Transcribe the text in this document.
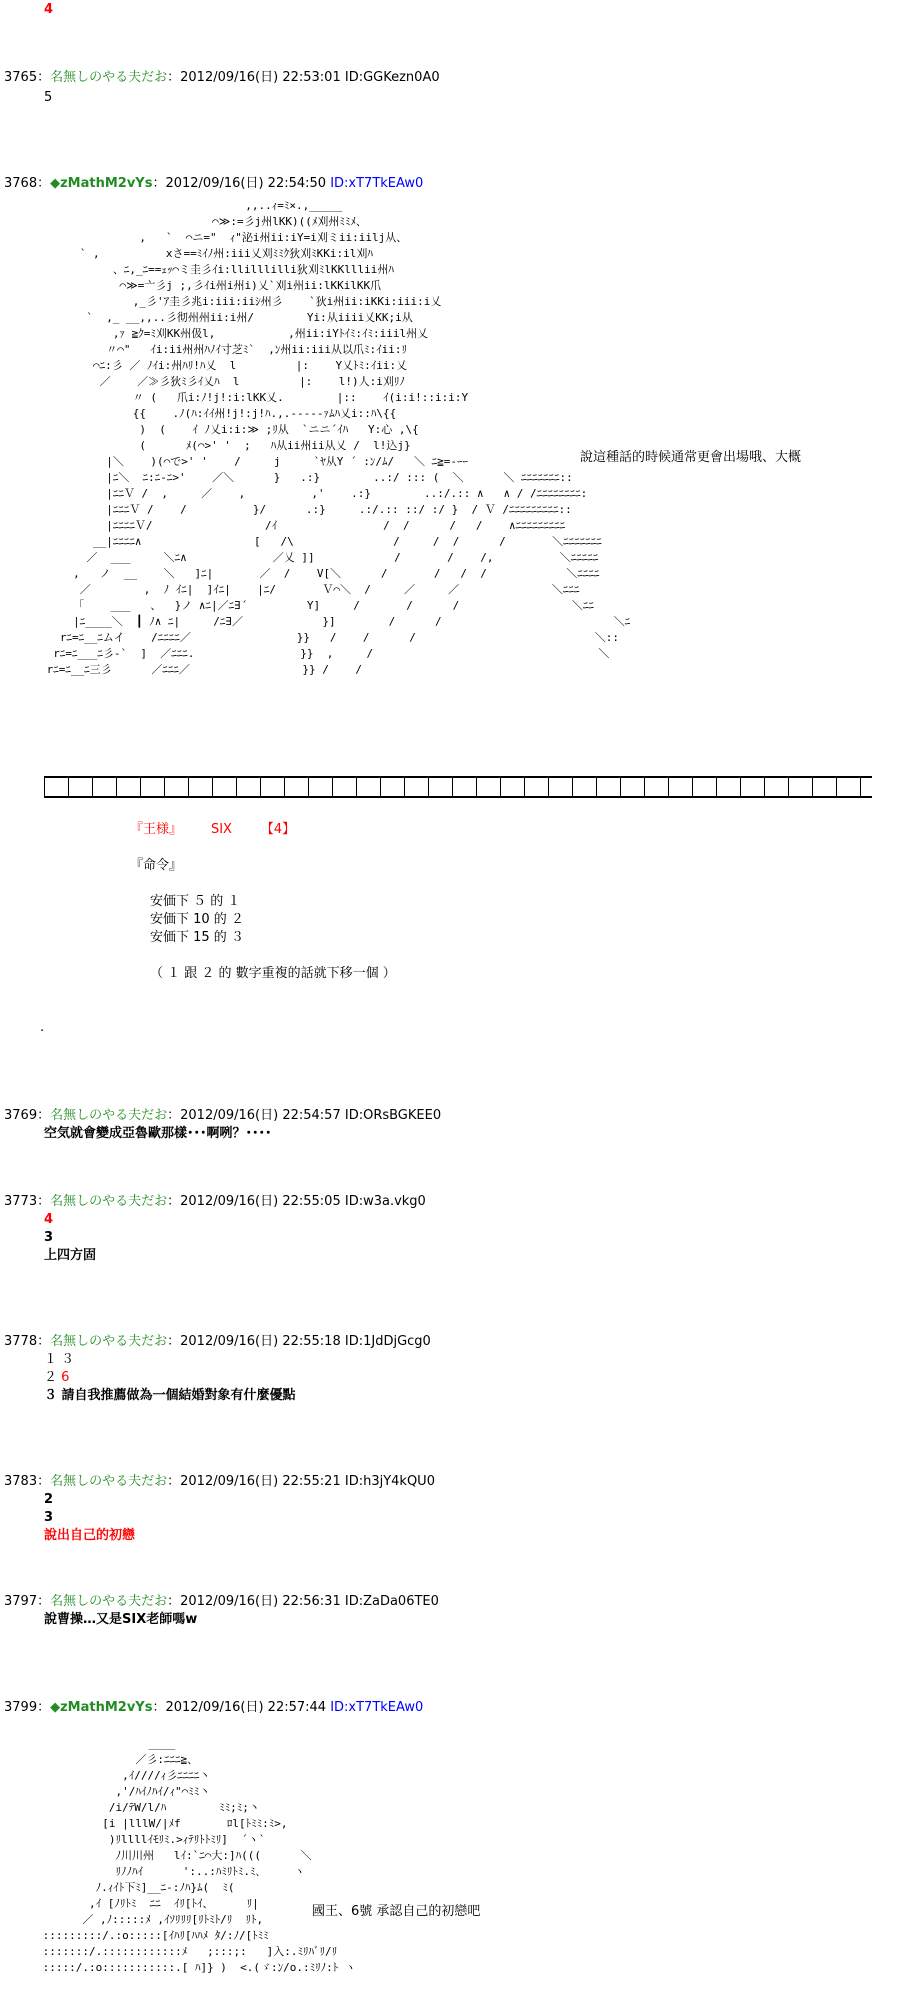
4
3765：名無しのやる夫だお：2012/09/16(日) 22:53:01 ID:GGKezn0A0
5
3768：◆zMathM2vYs：2012/09/16(日) 22:54:50 ID:xT7TkEAw0
,,..ｨ=ﾐ×.,_____
⌒≫:=彡j州lKK)((ﾒ刈州ﾐﾐﾒ、
,   `  ⌒ニ="  ｨ"泌i州ii:iY=i刈ミii:iilj从、
` ,          xさ==ﾐｲﾉ州:iii乂刈ﾐﾐｸ狄刈ﾐKKi:il刈ﾊ
、ﾆ,_ﾆ==ｪｯ⌒ミ圭彡ｲi:llilllilli狄刈ﾐlKKlllii州ﾊ
⌒≫=亠彡j ;,彡ｲi州i州i)乂`刈i州ii:lKKilKK爪
,_彡'ｱ圭彡兆i:iii:iiｼ州彡    `狄i州ii:iKKi:iii:i乂
`  ,_ __,,..彡彻州州ii:i州/        Yi:从iiii乂KK;i从
,ｧ ≧ｸ=ﾐ刈KK州伋l,           ,州ii:iYﾄｲﾐ:ｲﾐ:iiil州乂
〃⌒"   ｲi:ii州州ﾊﾉｲ寸芝ﾐ`  ,ﾝ州ii:iii从以爪ﾐ:ｲii:ﾘ
⌒ﾆ:彡 ／ ﾉｲi:州ﾊﾘ!ﾊ乂  l         |:    Y乂ﾄﾐ:ｲii:乂
／    ／≫彡狄ﾐ彡ｲ乂ﾊ  l         |:    l!)人:i刈ﾘﾉ
〃 (   爪i:ﾉ!j!:i:lKK乂.        |::    ｲ(i:i!::i:i:Y
{{    .ﾉ(ﾊ:ｲｲ州!j!:j!ﾊ.,.--‐-‐ｧﾑﾊ乂i::ﾊ\{{
)  (    ｲ ﾉ乂i:i:≫ ;ﾘ从  `ニニ´ｲﾊ   Y:心 ,\{
(      ﾒ(⌒>' '  ;   ﾊ从ii州ii从乂 /  l!込j}
|＼    )(⌒で>' '    /     j     `ﾔ从Y ´ :ﾝ/ﾑ/   ＼ ﾆ≧=-ｰｰ
|ﾆ＼  ﾆ:ﾆ-ﾆ>'    ／＼      }   .:}        ..:/ ::: (  ＼      ＼ ﾆﾆﾆﾆﾆﾆﾆ::
|ﾆﾆＶ /  ,     ／    ,          ,'    .:}        ..:/.:: ∧   ∧ / /ﾆﾆﾆﾆﾆﾆﾆﾆ:
|ﾆﾆﾆＶ /    /          }/      .:}     .:/.:: ::/ :/ }  / Ｖ /ﾆﾆﾆﾆﾆﾆﾆﾆﾆ::
|ﾆﾆﾆﾆＶ/                 /ｲ                /  /      /   /    ∧ﾆﾆﾆﾆﾆﾆﾆﾆﾆ
__|ﾆﾆﾆﾆ∧                 [   /\               /     /  /      /       ＼ﾆﾆﾆﾆﾆﾆﾆ
／  ___     ＼ﾆ∧             ／乂 ]]            /       /    /,          ＼ﾆﾆﾆﾆﾆ
,   ノ  __    ＼   ]ﾆ|       ／  /    V[＼      /       /   /  /            ＼ﾆﾆﾆﾆ
／        ,  ﾉ ｲﾆ|  ]ｲﾆ|    |ﾆ/       Ｖ⌒＼  /     ／     ／              ＼ﾆﾆﾆ
「    ___   、  }ノ ∧ﾆ|／ﾆ∃´         Y]     /       /      /                 ＼ﾆﾆ
|ﾆ____＼  ┃ ﾉ∧ ﾆ|     /ﾆ∃／            }]        /      /                          ＼ﾆ
rﾆ=ﾆ__ﾆムイ    /ﾆﾆﾆﾆ／                }}   /    /      /                           ＼::
rﾆ=ﾆ___ﾆ彡‐`  ]  ／ﾆﾆﾆ.                }}  ,     /                                  ＼
rﾆ=ﾆ__ﾆ三彡      ／ﾆﾆﾆ／                 }} /    /
說這種話的時候通常更會出場哦、大概
『王様』 SIX 【4】
『命令』
安価下 ５ 的 １
安価下 10 的 ２
安価下 15 的 ３
（ １ 跟 ２ 的 數字重複的話就下移一個 ）
.
3769：名無しのやる夫だお：2012/09/16(日) 22:54:57 ID:ORsBGKEE0
空気就會變成亞魯歐那樣･･･啊咧？････
3773：名無しのやる夫だお：2012/09/16(日) 22:55:05 ID:w3a.vkg0
4
3
上四方固
3778：名無しのやる夫だお：2012/09/16(日) 22:55:18 ID:1JdDjGcg0
１ ３
２ 6
３ 請自我推薦做為一個結婚對象有什麼優點
3783：名無しのやる夫だお：2012/09/16(日) 22:55:21 ID:h3jY4kQU0
2
3
說出自己的初戀
3797：名無しのやる夫だお：2012/09/16(日) 22:56:31 ID:ZaDa06TE0
說曹操…又是SIX老師嗎w
3799：◆zMathM2vYs：2012/09/16(日) 22:57:44 ID:xT7TkEAw0
____
／彡:ﾆﾆﾆ≧、
,ｲ////ｨ彡ﾆﾆﾆﾆ丶
,'/ﾊｲﾉﾊｲ/ｨ"⌒ﾐﾐ丶
/i/ﾃW/l/ﾊ        ﾐﾐ;ﾐ;丶
[i |lllW/|ﾒf       ﾛl[ﾄﾐﾐ:ﾐ>,
)ﾘllllｲﾓﾘﾐ.>ｨﾃﾘﾄﾄﾐﾘ]  ´ヽ`
ﾉ川川州   lｲ:`ﾆ⌒大:]ﾊ(((      ＼
ﾘﾉﾉﾊｲ      ':..:ﾊﾐﾘﾄﾐ.ﾐ､     ヽ
ﾉ.ｨｲﾄ下ﾐ]__ﾆ-:ﾉﾊ}ﾑ(  ﾐ(
,ｲ [ﾉﾘﾄﾐ  ﾆﾆ  ｲﾘ[ﾄｲ、     ﾘ|
／ ,ﾉ:::::ﾒ ,ｲｿﾘﾘﾘ[ﾘﾄﾐﾄ/ﾘ  ﾘﾄ,
:::::::::/.:o:::::[ｲﾊﾘ[ﾊﾊﾒ ﾀ/:ﾉ/[ﾄﾐﾐ
:::::::/.::::::::::::ﾒ   ;:::;:   ]入:.ﾐﾘﾊﾞﾘ/ﾘ
:::::/.:o:::::::::::.[ ﾊ]} )  <.(ゞ:ﾝ/o.:ﾐﾘﾉ:ﾄ ヽ
國王、6號 承認自己的初戀吧
